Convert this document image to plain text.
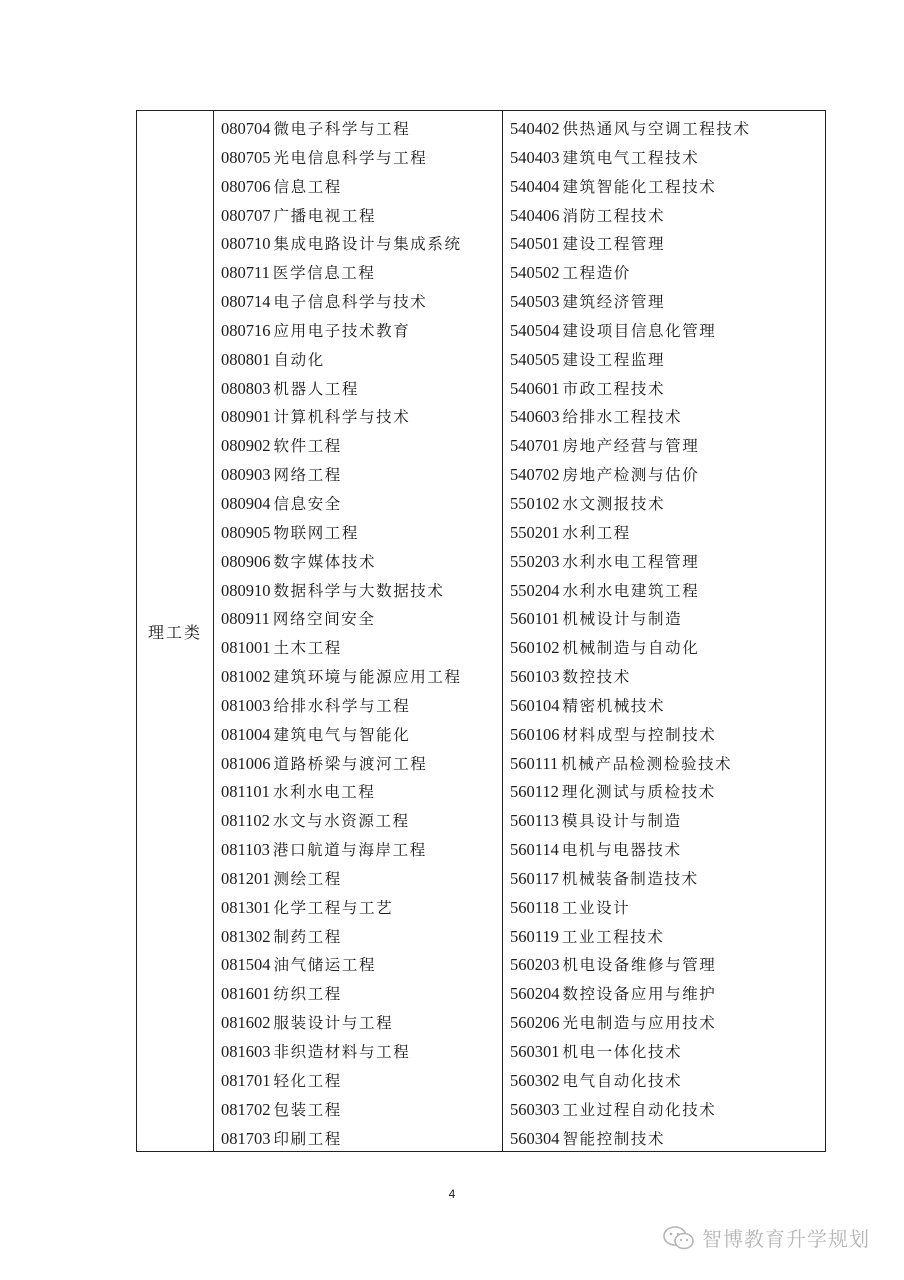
理工类
080704 微电子科学与工程
080705 光电信息科学与工程
080706 信息工程
080707 广播电视工程
080710 集成电路设计与集成系统
080711 医学信息工程
080714 电子信息科学与技术
080716 应用电子技术教育
080801 自动化
080803 机器人工程
080901 计算机科学与技术
080902 软件工程
080903 网络工程
080904 信息安全
080905 物联网工程
080906 数字媒体技术
080910 数据科学与大数据技术
080911 网络空间安全
081001 土木工程
081002 建筑环境与能源应用工程
081003 给排水科学与工程
081004 建筑电气与智能化
081006 道路桥梁与渡河工程
081101 水利水电工程
081102 水文与水资源工程
081103 港口航道与海岸工程
081201 测绘工程
081301 化学工程与工艺
081302 制药工程
081504 油气储运工程
081601 纺织工程
081602 服装设计与工程
081603 非织造材料与工程
081701 轻化工程
081702 包装工程
081703 印刷工程
540402 供热通风与空调工程技术
540403 建筑电气工程技术
540404 建筑智能化工程技术
540406 消防工程技术
540501 建设工程管理
540502 工程造价
540503 建筑经济管理
540504 建设项目信息化管理
540505 建设工程监理
540601 市政工程技术
540603 给排水工程技术
540701 房地产经营与管理
540702 房地产检测与估价
550102 水文测报技术
550201 水利工程
550203 水利水电工程管理
550204 水利水电建筑工程
560101 机械设计与制造
560102 机械制造与自动化
560103 数控技术
560104 精密机械技术
560106 材料成型与控制技术
560111 机械产品检测检验技术
560112 理化测试与质检技术
560113 模具设计与制造
560114 电机与电器技术
560117 机械装备制造技术
560118 工业设计
560119 工业工程技术
560203 机电设备维修与管理
560204 数控设备应用与维护
560206 光电制造与应用技术
560301 机电一体化技术
560302 电气自动化技术
560303 工业过程自动化技术
560304 智能控制技术
4
智博教育升学规划
